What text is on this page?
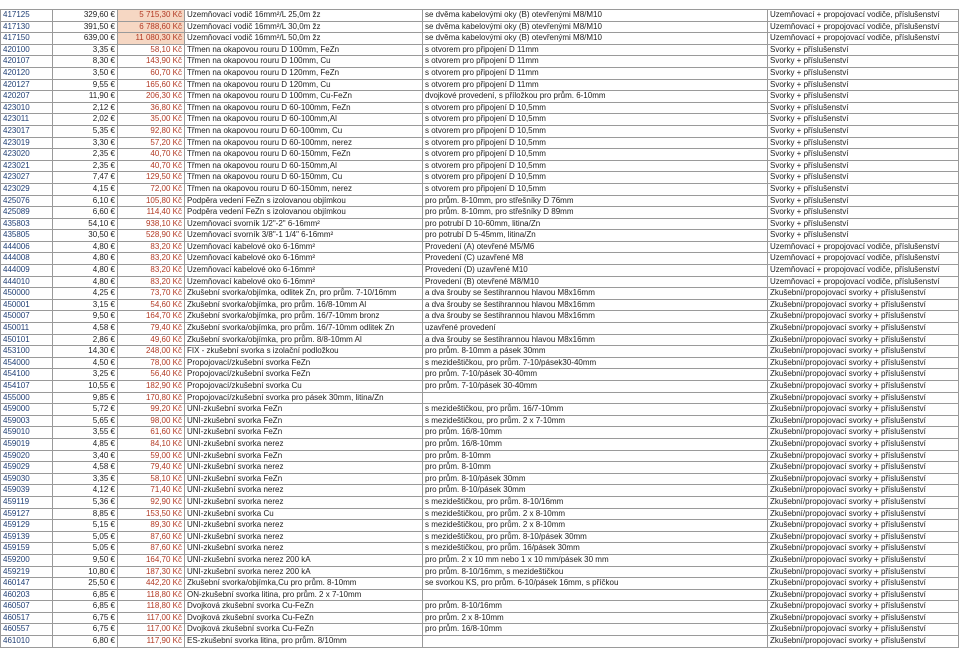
417125	329,60 €	5 715,30 Kč	Uzemňovací vodič 16mm²/L 25,0m žz	se dvěma kabelovými oky (B) otevřenými M8/M10	Uzemňovací + propojovací vodiče, příslušenství
417130	391,50 €	6 788,60 Kč	Uzemňovací vodič 16mm²/L 30,0m žz	se dvěma kabelovými oky (B) otevřenými M8/M10	Uzemňovací + propojovací vodiče, příslušenství
417150	639,00 €	11 080,30 Kč	Uzemňovací vodič 16mm²/L 50,0m žz	se dvěma kabelovými oky (B) otevřenými M8/M10	Uzemňovací + propojovací vodiče, příslušenství
420100	3,35 €	58,10 Kč	Třmen na okapovou rouru D 100mm, FeZn	s otvorem pro připojení D 11mm	Svorky + příslušenství
420107	8,30 €	143,90 Kč	Třmen na okapovou rouru D 100mm, Cu	s otvorem pro připojení D 11mm	Svorky + příslušenství
420120	3,50 €	60,70 Kč	Třmen na okapovou rouru D 120mm, FeZn	s otvorem pro připojení D 11mm	Svorky + příslušenství
420127	9,55 €	165,60 Kč	Třmen na okapovou rouru D 120mm, Cu	s otvorem pro připojení D 11mm	Svorky + příslušenství
420207	11,90 €	206,30 Kč	Třmen na okapovou rouru D 100mm, Cu-FeZn	dvojkové provedení, s příložkou pro prům. 6-10mm	Svorky + příslušenství
423010	2,12 €	36,80 Kč	Třmen na okapovou rouru D 60-100mm, FeZn	s otvorem pro připojení D 10,5mm	Svorky + příslušenství
423011	2,02 €	35,00 Kč	Třmen na okapovou rouru D 60-100mm,Al	s otvorem pro připojení D 10,5mm	Svorky + příslušenství
423017	5,35 €	92,80 Kč	Třmen na okapovou rouru D 60-100mm, Cu	s otvorem pro připojení D 10,5mm	Svorky + příslušenství
423019	3,30 €	57,20 Kč	Třmen na okapovou rouru D 60-100mm, nerez	s otvorem pro připojení D 10,5mm	Svorky + příslušenství
423020	2,35 €	40,70 Kč	Třmen na okapovou rouru D 60-150mm, FeZn	s otvorem pro připojení D 10,5mm	Svorky + příslušenství
423021	2,35 €	40,70 Kč	Třmen na okapovou rouru D 60-150mm,Al	s otvorem pro připojení D 10,5mm	Svorky + příslušenství
423027	7,47 €	129,50 Kč	Třmen na okapovou rouru D 60-150mm, Cu	s otvorem pro připojení D 10,5mm	Svorky + příslušenství
423029	4,15 €	72,00 Kč	Třmen na okapovou rouru D 60-150mm, nerez	s otvorem pro připojení D 10,5mm	Svorky + příslušenství
425076	6,10 €	105,80 Kč	Podpěra vedení FeZn s izolovanou objímkou	pro prům. 8-10mm, pro střešníky D 76mm	Svorky + příslušenství
425089	6,60 €	114,40 Kč	Podpěra vedení FeZn s izolovanou objímkou	pro prům. 8-10mm, pro střešníky D 89mm	Svorky + příslušenství
435803	54,10 €	938,10 Kč	Uzemňovací svorník 1/2"-2" 6-16mm²	pro potrubí D 10-60mm, litina/Zn	Svorky + příslušenství
435805	30,50 €	528,90 Kč	Uzemňovací svorník 3/8"-1 1/4" 6-16mm²	pro potrubí D 5-45mm, litina/Zn	Svorky + příslušenství
444006	4,80 €	83,20 Kč	Uzemňovací kabelové oko 6-16mm²	Provedení (A) otevřené M5/M6	Uzemňovací + propojovací vodiče, příslušenství
444008	4,80 €	83,20 Kč	Uzemňovací kabelové oko 6-16mm²	Provedení (C) uzavřené M8	Uzemňovací + propojovací vodiče, příslušenství
444009	4,80 €	83,20 Kč	Uzemňovací kabelové oko 6-16mm²	Provedení (D) uzavřené M10	Uzemňovací + propojovací vodiče, příslušenství
444010	4,80 €	83,20 Kč	Uzemňovací kabelové oko 6-16mm²	Provedení (B) otevřené M8/M10	Uzemňovací + propojovací vodiče, příslušenství
450000	4,25 €	73,70 Kč	Zkušební svorka/objímka, odlitek Zn, pro prům. 7-10/16mm	a dva šrouby se šestihrannou hlavou M8x16mm	Zkušební/propojovací svorky + příslušenství
450001	3,15 €	54,60 Kč	Zkušební svorka/objímka, pro prům. 16/8-10mm Al	a dva šrouby se šestihrannou hlavou M8x16mm	Zkušební/propojovací svorky + příslušenství
450007	9,50 €	164,70 Kč	Zkušební svorka/objímka, pro prům. 16/7-10mm bronz	a dva šrouby se šestihrannou hlavou M8x16mm	Zkušební/propojovací svorky + příslušenství
450011	4,58 €	79,40 Kč	Zkušební svorka/objímka, pro prům. 16/7-10mm odlitek Zn	uzavřené provedení	Zkušební/propojovací svorky + příslušenství
450101	2,86 €	49,60 Kč	Zkušební svorka/objímka, pro prům. 8/8-10mm Al	a dva šrouby se šestihrannou hlavou M8x16mm	Zkušební/propojovací svorky + příslušenství
453100	14,30 €	248,00 Kč	FIX - zkušební svorka s izolační podložkou	pro prům. 8-10mm a pásek 30mm	Zkušební/propojovací svorky + příslušenství
454000	4,50 €	78,00 Kč	Propojovací/zkušební svorka FeZn	s mezideštičkou, pro prům. 7-10/pásek30-40mm	Zkušební/propojovací svorky + příslušenství
454100	3,25 €	56,40 Kč	Propojovací/zkušební svorka FeZn	pro prům. 7-10/pásek 30-40mm	Zkušební/propojovací svorky + příslušenství
454107	10,55 €	182,90 Kč	Propojovací/zkušební svorka Cu	pro prům. 7-10/pásek 30-40mm	Zkušební/propojovací svorky + příslušenství
455000	9,85 €	170,80 Kč	Propojovací/zkušební svorka pro pásek 30mm, litina/Zn		Zkušební/propojovací svorky + příslušenství
459000	5,72 €	99,20 Kč	UNI-zkušební svorka FeZn	s mezideštičkou, pro prům. 16/7-10mm	Zkušební/propojovací svorky + příslušenství
459003	5,65 €	98,00 Kč	UNI-zkušební svorka FeZn	s mezideštičkou, pro prům. 2 x 7-10mm	Zkušební/propojovací svorky + příslušenství
459010	3,55 €	61,60 Kč	UNI-zkušební svorka FeZn	pro prům. 16/8-10mm	Zkušební/propojovací svorky + příslušenství
459019	4,85 €	84,10 Kč	UNI-zkušební svorka nerez	pro prům. 16/8-10mm	Zkušební/propojovací svorky + příslušenství
459020	3,40 €	59,00 Kč	UNI-zkušební svorka FeZn	pro prům. 8-10mm	Zkušební/propojovací svorky + příslušenství
459029	4,58 €	79,40 Kč	UNI-zkušební svorka nerez	pro prům. 8-10mm	Zkušební/propojovací svorky + příslušenství
459030	3,35 €	58,10 Kč	UNI-zkušební svorka FeZn	pro prům. 8-10/pásek 30mm	Zkušební/propojovací svorky + příslušenství
459039	4,12 €	71,40 Kč	UNI-zkušební svorka nerez	pro prům. 8-10/pásek 30mm	Zkušební/propojovací svorky + příslušenství
459119	5,36 €	92,90 Kč	UNI-zkušební svorka nerez	s mezideštičkou, pro prům. 8-10/16mm	Zkušební/propojovací svorky + příslušenství
459127	8,85 €	153,50 Kč	UNI-zkušební svorka Cu	s mezideštičkou, pro prům. 2 x 8-10mm	Zkušební/propojovací svorky + příslušenství
459129	5,15 €	89,30 Kč	UNI-zkušební svorka nerez	s mezideštičkou, pro prům. 2 x 8-10mm	Zkušební/propojovací svorky + příslušenství
459139	5,05 €	87,60 Kč	UNI-zkušební svorka nerez	s mezideštičkou, pro prům. 8-10/pásek 30mm	Zkušební/propojovací svorky + příslušenství
459159	5,05 €	87,60 Kč	UNI-zkušební svorka nerez	s mezideštičkou, pro prům. 16/pásek 30mm	Zkušební/propojovací svorky + příslušenství
459200	9,50 €	164,70 Kč	UNI-zkušební svorka nerez 200 kA	pro prům. 2 x 10 mm nebo 1 x 10 mm/pásek 30 mm	Zkušební/propojovací svorky + příslušenství
459219	10,80 €	187,30 Kč	UNI-zkušební svorka nerez 200 kA	pro prům. 8-10/16mm, s mezideštičkou	Zkušební/propojovací svorky + příslušenství
460147	25,50 €	442,20 Kč	Zkušební svorka/objímka,Cu pro prům. 8-10mm	se svorkou KS, pro prům. 6-10/pásek 16mm, s příčkou	Zkušební/propojovací svorky + příslušenství
460203	6,85 €	118,80 Kč	ON-zkušební svorka litina, pro prům. 2 x 7-10mm		Zkušební/propojovací svorky + příslušenství
460507	6,85 €	118,80 Kč	Dvojková zkušební svorka Cu-FeZn	pro prům. 8-10/16mm	Zkušební/propojovací svorky + příslušenství
460517	6,75 €	117,00 Kč	Dvojková zkušební svorka Cu-FeZn	pro prům. 2 x 8-10mm	Zkušební/propojovací svorky + příslušenství
460557	6,75 €	117,00 Kč	Dvojková zkušební svorka Cu-FeZn	pro prům. 16/8-10mm	Zkušební/propojovací svorky + příslušenství
461010	6,80 €	117,90 Kč	ES-zkušební svorka litina, pro prům. 8/10mm		Zkušební/propojovací svorky + příslušenství
